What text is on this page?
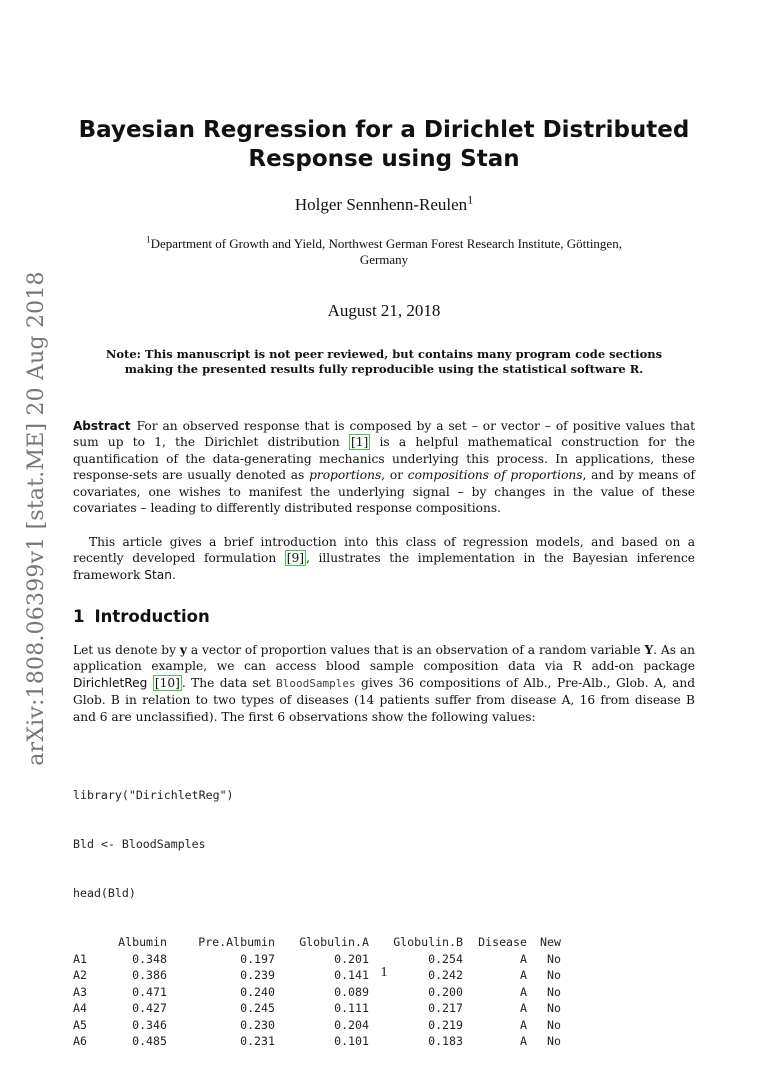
arXiv:1808.06399v1 [stat.ME] 20 Aug 2018
Bayesian Regression for a Dirichlet Distributed
Response using Stan
Holger Sennhenn-Reulen$^1$
$^1$Department of Growth and Yield, Northwest German Forest Research Institute, Göttingen,
Germany
August 21, 2018
Note: This manuscript is not peer reviewed, but contains many program code sections
making the presented results fully reproducible using the statistical software R.

Abstract For an observed response that is composed by a set – or vector – of positive values that sum up to 1, the Dirichlet distribution [1] is a helpful mathematical construction for the quantification of the data-generating mechanics underlying this process. In applications, these response-sets are usually denoted as proportions, or compositions of proportions, and by means of covariates, one wishes to manifest the underlying signal – by changes in the value of these covariates – leading to differently distributed response compositions.

This article gives a brief introduction into this class of regression models, and based on a recently developed formulation [9] , illustrates the implementation in the Bayesian inference framework Stan.

1 Introduction

Let us denote by y a vector of proportion values that is an observation of a random variable Y. As an application example, we can access blood sample composition data via R add-on package DirichletReg [10] . The data set BloodSamples gives 36 compositions of Alb., Pre-Alb., Glob. A, and Glob. B in relation to two types of diseases (14 patients suffer from disease A, 16 from disease B and 6 are unclassified). The first 6 observations show the following values:

library("DirichletReg")

Bld <- BloodSamples

head(Bld)

	Albumin	Pre.Albumin	Globulin.A	Globulin.B	Disease	New
A1	0.348	0.197	0.201	0.254	A	No
A2	0.386	0.239	0.141	0.242	A	No
A3	0.471	0.240	0.089	0.200	A	No
A4	0.427	0.245	0.111	0.217	A	No
A5	0.346	0.230	0.204	0.219	A	No
A6	0.485	0.231	0.101	0.183	A	No

1
